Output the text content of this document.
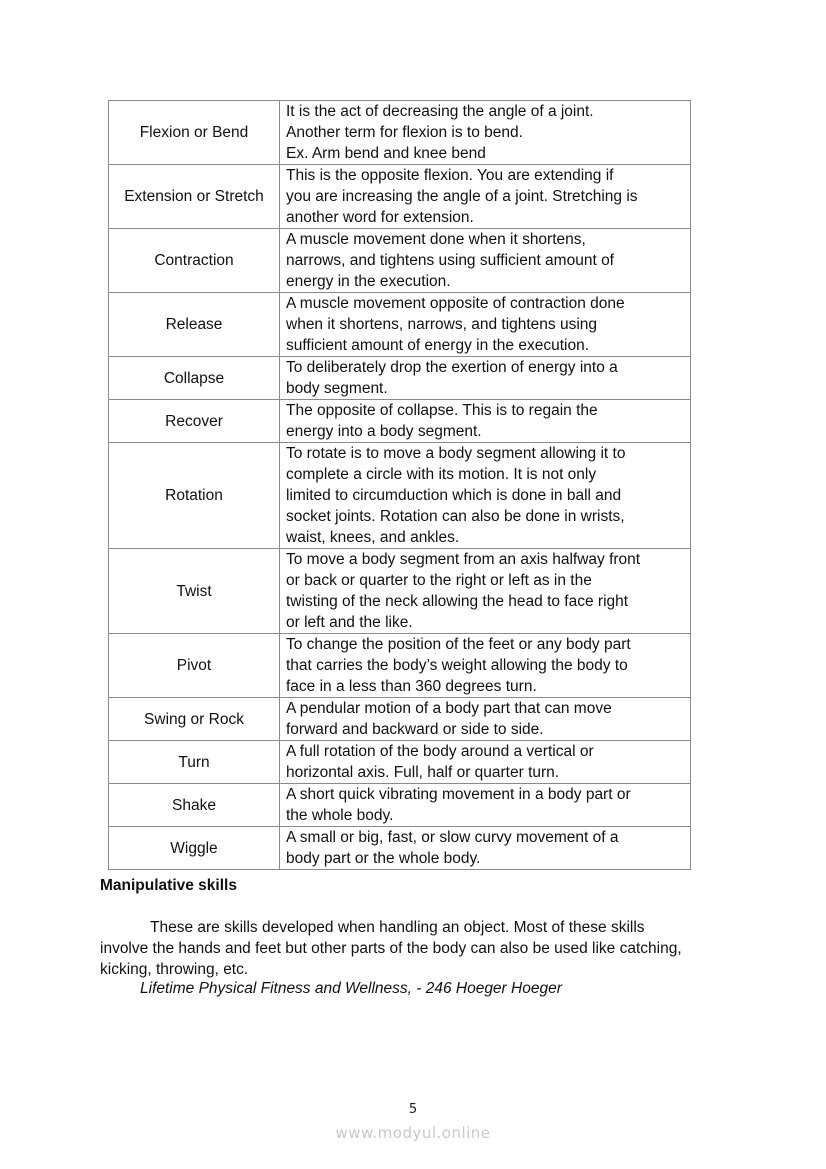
Flexion or Bend	It is the act of decreasing the angle of a joint.
Another term for flexion is to bend.
Ex. Arm bend and knee bend

Extension or Stretch	This is the opposite flexion. You are extending if
you are increasing the angle of a joint. Stretching is
another word for extension.

Contraction	A muscle movement done when it shortens,
narrows, and tightens using sufficient amount of
energy in the execution.

Release	A muscle movement opposite of contraction done
when it shortens, narrows, and tightens using
sufficient amount of energy in the execution.

Collapse	To deliberately drop the exertion of energy into a
body segment.

Recover	The opposite of collapse. This is to regain the
energy into a body segment.

Rotation	To rotate is to move a body segment allowing it to
complete a circle with its motion. It is not only
limited to circumduction which is done in ball and
socket joints. Rotation can also be done in wrists,
waist, knees, and ankles.

Twist	To move a body segment from an axis halfway front
or back or quarter to the right or left as in the
twisting of the neck allowing the head to face right
or left and the like.

Pivot	To change the position of the feet or any body part
that carries the body’s weight allowing the body to
face in a less than 360 degrees turn.

Swing or Rock	A pendular motion of a body part that can move
forward and backward or side to side.

Turn	A full rotation of the body around a vertical or
horizontal axis. Full, half or quarter turn.

Shake	A short quick vibrating movement in a body part or
the whole body.

Wiggle	A small or big, fast, or slow curvy movement of a
body part or the whole body.
Manipulative skills
These are skills developed when handling an object. Most of these skills
involve the hands and feet but other parts of the body can also be used like catching,
kicking, throwing, etc.
Lifetime Physical Fitness and Wellness, - 246 Hoeger Hoeger
5
www.modyul.online
